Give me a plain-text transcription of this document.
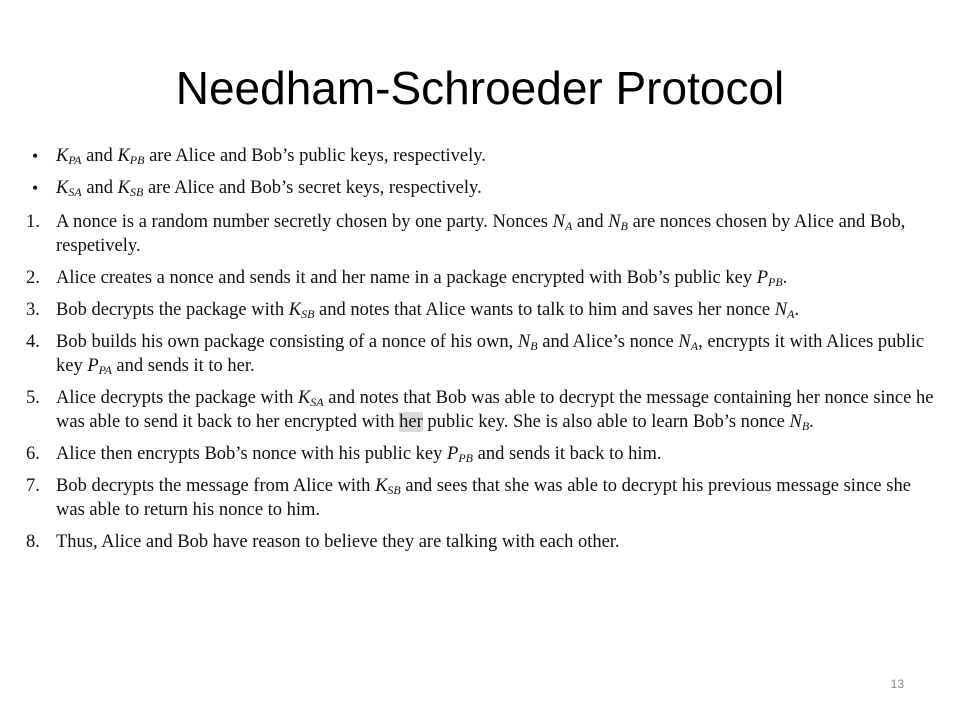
Needham-Schroeder Protocol
• $K_{PA}$ and $K_{PB}$ are Alice and Bob’s public keys, respectively.
• $K_{SA}$ and $K_{SB}$ are Alice and Bob’s secret keys, respectively.
1. A nonce is a random number secretly chosen by one party. Nonces $N_A$ and $N_B$ are nonces chosen by Alice and Bob, respetively.
2. Alice creates a nonce and sends it and her name in a package encrypted with Bob’s public key $P_{PB}$.
3. Bob decrypts the package with $K_{SB}$ and notes that Alice wants to talk to him and saves her nonce $N_A$.
4. Bob builds his own package consisting of a nonce of his own, $N_B$ and Alice’s nonce $N_A$, encrypts it with Alices public key $P_{PA}$ and sends it to her.
5. Alice decrypts the package with $K_{SA}$ and notes that Bob was able to decrypt the message containing her nonce since he was able to send it back to her encrypted with her public key. She is also able to learn Bob’s nonce $N_B$.
6. Alice then encrypts Bob’s nonce with his public key $P_{PB}$ and sends it back to him.
7. Bob decrypts the message from Alice with $K_{SB}$ and sees that she was able to decrypt his previous message since she was able to return his nonce to him.
8. Thus, Alice and Bob have reason to believe they are talking with each other.
13
